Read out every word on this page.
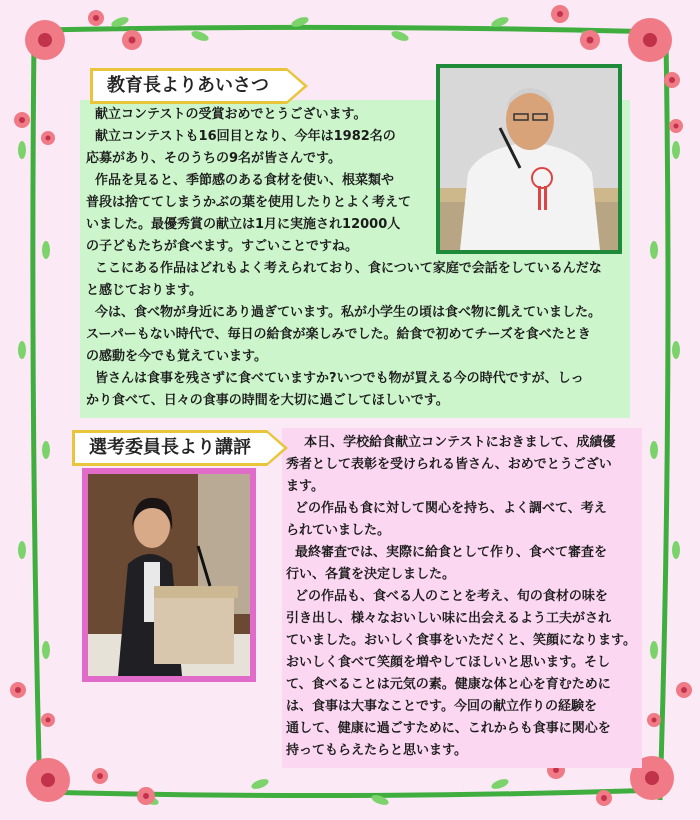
教育長よりあいさつ
献立コンテストの受賞おめでとうございます。
献立コンテストも16回目となり、今年は1982名の
応募があり、そのうちの9名が皆さんです。
作品を見ると、季節感のある食材を使い、根菜類や
普段は捨ててしまうかぶの葉を使用したりとよく考えて
いました。最優秀賞の献立は1月に実施され12000人
の子どもたちが食べます。すごいことですね。
ここにある作品はどれもよく考えられており、食について家庭で会話をしているんだな
と感じております。
今は、食べ物が身近にあり過ぎています。私が小学生の頃は食べ物に飢えていました。
スーパーもない時代で、毎日の給食が楽しみでした。給食で初めてチーズを食べたとき
の感動を今でも覚えています。
皆さんは食事を残さずに食べていますか?いつでも物が買える今の時代ですが、しっ
かり食べて、日々の食事の時間を大切に過ごしてほしいです。
選考委員長より講評	本日、学校給食献立コンテストにおきまして、成績優
秀者として表彰を受けられる皆さん、おめでとうござい
ます。
どの作品も食に対して関心を持ち、よく調べて、考え
られていました。
最終審査では、実際に給食として作り、食べて審査を
行い、各賞を決定しました。
どの作品も、食べる人のことを考え、旬の食材の味を
引き出し、様々なおいしい味に出会えるよう工夫がされ
ていました。おいしく食事をいただくと、笑顔になります。
おいしく食べて笑顔を増やしてほしいと思います。そし
て、食べることは元気の素。健康な体と心を育むために
は、食事は大事なことです。今回の献立作りの経験を
通して、健康に過ごすために、これからも食事に関心を
持ってもらえたらと思います。
